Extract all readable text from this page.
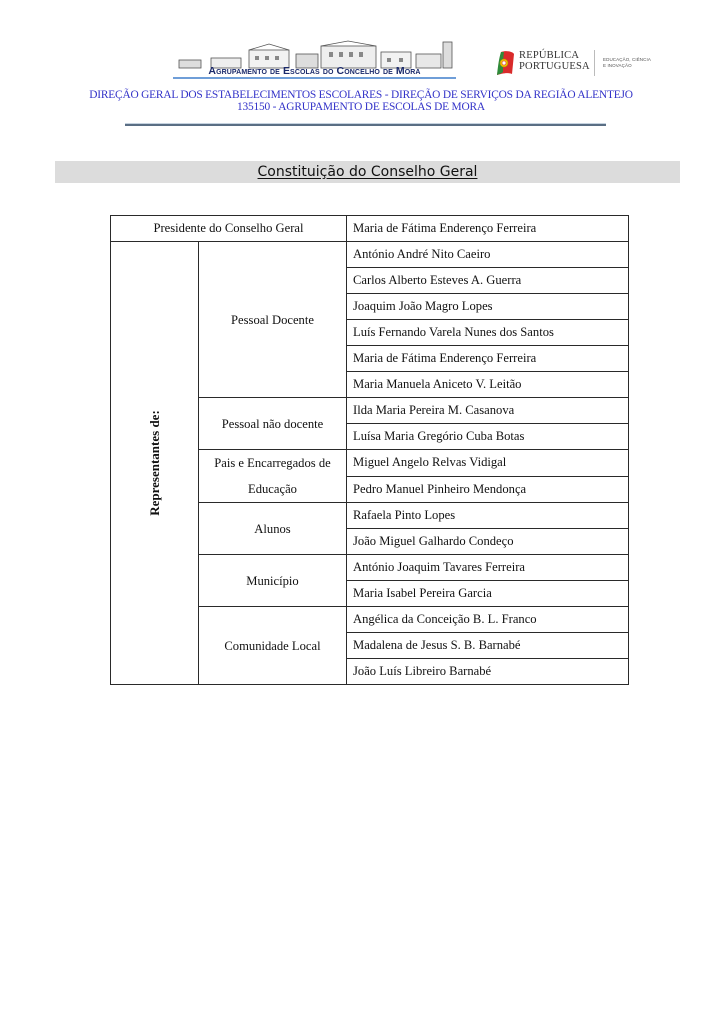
Agrupamento de Escolas do Concelho de Mora
REPÚBLICA
PORTUGUESA
EDUCAÇÃO, CIÊNCIA
E INOVAÇÃO
DIREÇÃO GERAL DOS ESTABELECIMENTOS ESCOLARES - DIREÇÃO DE SERVIÇOS DA REGIÃO ALENTEJO
135150 - AGRUPAMENTO DE ESCOLAS DE MORA
Constituição do Conselho Geral
Presidente do Conselho Geral		Maria de Fátima Enderenço Ferreira

Representantes de:	Pessoal Docente	António André Nito Caeiro
		Carlos Alberto Esteves A. Guerra
		Joaquim João Magro Lopes
		Luís Fernando Varela Nunes dos Santos
		Maria de Fátima Enderenço Ferreira
		Maria Manuela Aniceto V. Leitão
	Pessoal não docente	Ilda Maria Pereira M. Casanova
		Luísa Maria Gregório Cuba Botas
	Pais e Encarregados de Educação	Miguel Angelo Relvas Vidigal
		Pedro Manuel Pinheiro Mendonça
	Alunos	Rafaela Pinto Lopes
		João Miguel Galhardo Condeço
	Município	António Joaquim Tavares Ferreira
		Maria Isabel Pereira Garcia
	Comunidade Local	Angélica da Conceição B. L. Franco
		Madalena de Jesus S. B. Barnabé
		João Luís Libreiro Barnabé
